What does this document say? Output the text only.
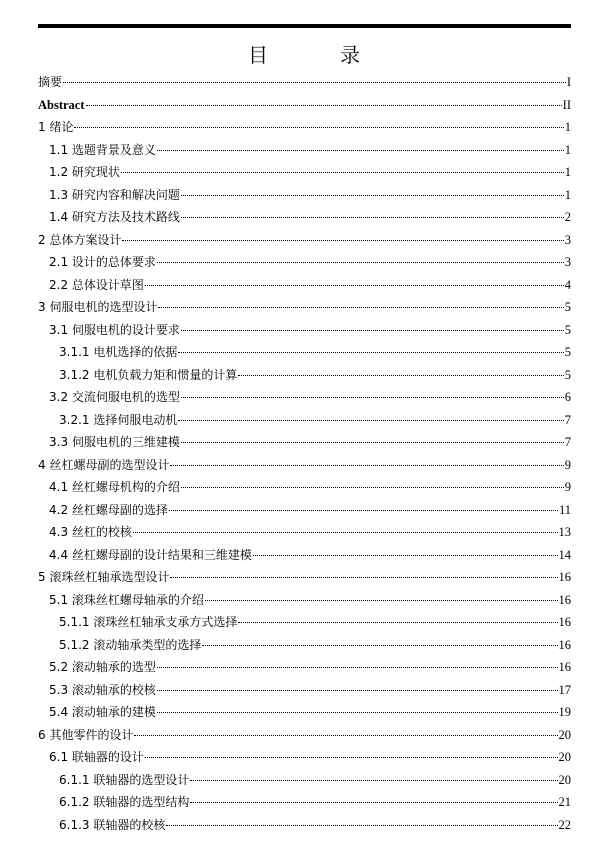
目　录
摘要	I
Abstract	II
1 绪论	1
1.1 选题背景及意义	1
1.2 研究现状	1
1.3 研究内容和解决问题	1
1.4 研究方法及技术路线	2
2 总体方案设计	3
2.1 设计的总体要求	3
2.2 总体设计草图	4
3 伺服电机的选型设计	5
3.1 伺服电机的设计要求	5
3.1.1 电机选择的依据	5
3.1.2 电机负载力矩和惯量的计算	5
3.2 交流伺服电机的选型	6
3.2.1 选择伺服电动机	7
3.3 伺服电机的三维建模	7
4 丝杠螺母副的选型设计	9
4.1 丝杠螺母机构的介绍	9
4.2 丝杠螺母副的选择	11
4.3 丝杠的校核	13
4.4 丝杠螺母副的设计结果和三维建模	14
5 滚珠丝杠轴承选型设计	16
5.1 滚珠丝杠螺母轴承的介绍	16
5.1.1 滚珠丝杠轴承支承方式选择	16
5.1.2 滚动轴承类型的选择	16
5.2 滚动轴承的选型	16
5.3 滚动轴承的校核	17
5.4 滚动轴承的建模	19
6 其他零件的设计	20
6.1 联轴器的设计	20
6.1.1 联轴器的选型设计	20
6.1.2 联轴器的选型结构	21
6.1.3 联轴器的校核	22
